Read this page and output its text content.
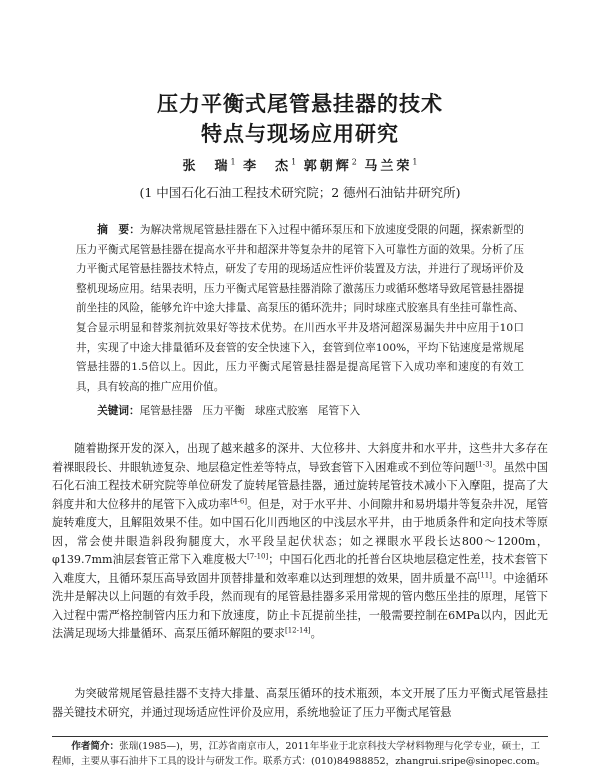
压力平衡式尾管悬挂器的技术
特点与现场应用研究
张　瑞$^1$ 李　杰$^1$ 郭朝辉$^2$ 马兰荣$^1$
(1 中国石化石油工程技术研究院；2 德州石油钻井研究所)

摘　要：为解决常规尾管悬挂器在下入过程中循环泵压和下放速度受限的问题，探索新型的压力平衡式尾管悬挂器在提高水平井和超深井等复杂井的尾管下入可靠性方面的效果。分析了压力平衡式尾管悬挂器技术特点，研发了专用的现场适应性评价装置及方法，并进行了现场评价及整机现场应用。结果表明，压力平衡式尾管悬挂器消除了激荡压力或循环憋堵导致尾管悬挂器提前坐挂的风险，能够允许中途大排量、高泵压的循环洗井；同时球座式胶塞具有坐挂可靠性高、复合显示明显和替浆剂抗效果好等技术优势。在川西水平井及塔河超深易漏失井中应用于10口井，实现了中途大排量循环及套管的安全快速下入，套管到位率100%，平均下钻速度是常规尾管悬挂器的1.5倍以上。因此，压力平衡式尾管悬挂器是提高尾管下入成功率和速度的有效工具，具有较高的推广应用价值。

关键词：尾管悬挂器 压力平衡 球座式胶塞 尾管下入

随着勘探开发的深入，出现了越来越多的深井、大位移井、大斜度井和水平井，这些井大多存在着裸眼段长、井眼轨迹复杂、地层稳定性差等特点，导致套管下入困难或不到位等问题[1-3]。虽然中国石化石油工程技术研究院等单位研发了旋转尾管悬挂器，通过旋转尾管技术减小下入摩阻，提高了大斜度井和大位移井的尾管下入成功率[4-6]。但是，对于水平井、小间隙井和易坍塌井等复杂井况，尾管旋转难度大，且解阻效果不佳。如中国石化川西地区的中浅层水平井，由于地质条件和定向技术等原因，常会使井眼造斜段狗腿度大，水平段呈起伏状态；如之裸眼水平段长达800～1200m，φ139.7mm油层套管正常下入难度极大[7-10]；中国石化西北的托普台区块地层稳定性差，技术套管下入难度大，且循环泵压高导致固井顶替排量和效率难以达到理想的效果，固井质量不高[11]。中途循环洗井是解决以上问题的有效手段，然而现有的尾管悬挂器多采用常规的管内憋压坐挂的原理，尾管下入过程中需严格控制管内压力和下放速度，防止卡瓦提前坐挂，一般需要控制在6MPa以内，因此无法满足现场大排量循环、高泵压循环解阻的要求[12-14]。

为突破常规尾管悬挂器不支持大排量、高泵压循环的技术瓶颈，本文开展了压力平衡式尾管悬挂器关键技术研究，并通过现场适应性评价及应用，系统地验证了压力平衡式尾管悬

作者简介：张瑞(1985—)，男，江苏省南京市人，2011年毕业于北京科技大学材料物理与化学专业，硕士，工程师，主要从事石油井下工具的设计与研发工作。联系方式：(010)84988852，zhangrui.sripe@sinopec.com。
